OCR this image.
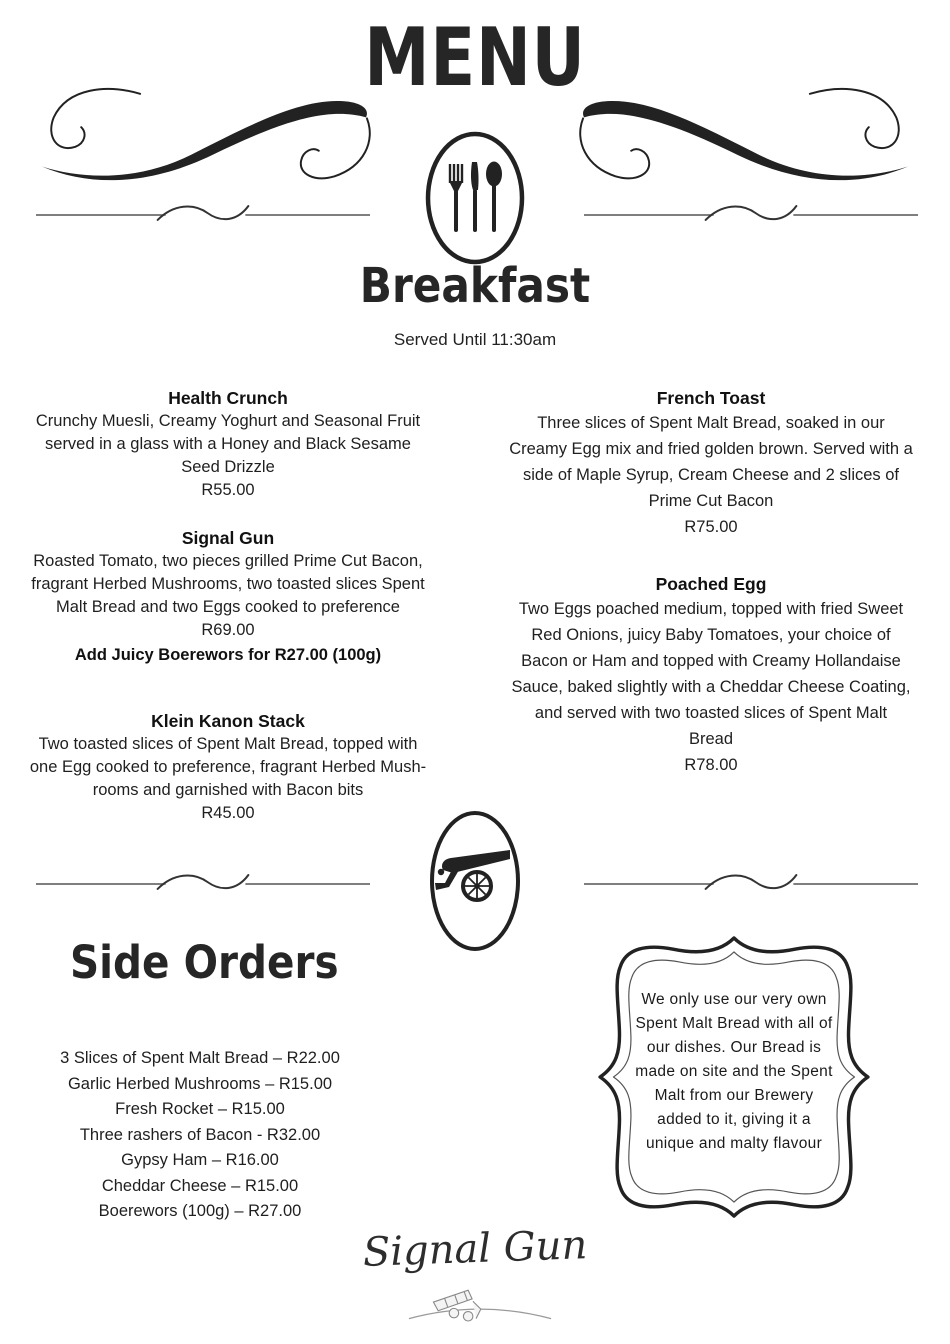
MENU
Breakfast
Served Until 11:30am
Health Crunch
Crunchy Muesli, Creamy Yoghurt and Seasonal Fruit
served in a glass with a Honey and Black Sesame
Seed Drizzle
R55.00
Signal Gun
Roasted Tomato, two pieces grilled Prime Cut Bacon,
fragrant Herbed Mushrooms, two toasted slices Spent
Malt Bread and two Eggs cooked to preference
R69.00
Add Juicy Boerewors for R27.00 (100g)
Klein Kanon Stack
Two toasted slices of Spent Malt Bread, topped with
one Egg cooked to preference, fragrant Herbed Mush-
rooms and garnished with Bacon bits
R45.00
French Toast
Three slices of Spent Malt Bread, soaked in our
Creamy Egg mix and fried golden brown. Served with a
side of Maple Syrup, Cream Cheese and 2 slices of
Prime Cut Bacon
R75.00
Poached Egg
Two Eggs poached medium, topped with fried Sweet
Red Onions, juicy Baby Tomatoes, your choice of
Bacon or Ham and topped with Creamy Hollandaise
Sauce, baked slightly with a Cheddar Cheese Coating,
and served with two toasted slices of Spent Malt
Bread
R78.00
Side Orders
3 Slices of Spent Malt Bread – R22.00
Garlic Herbed Mushrooms – R15.00
Fresh Rocket – R15.00
Three rashers of Bacon - R32.00
Gypsy Ham – R16.00
Cheddar Cheese – R15.00
Boerewors (100g) – R27.00
We only use our very own
Spent Malt Bread with all of
our dishes. Our Bread is
made on site and the Spent
Malt from our Brewery
added to it, giving it a
unique and malty flavour
Signal Gun
